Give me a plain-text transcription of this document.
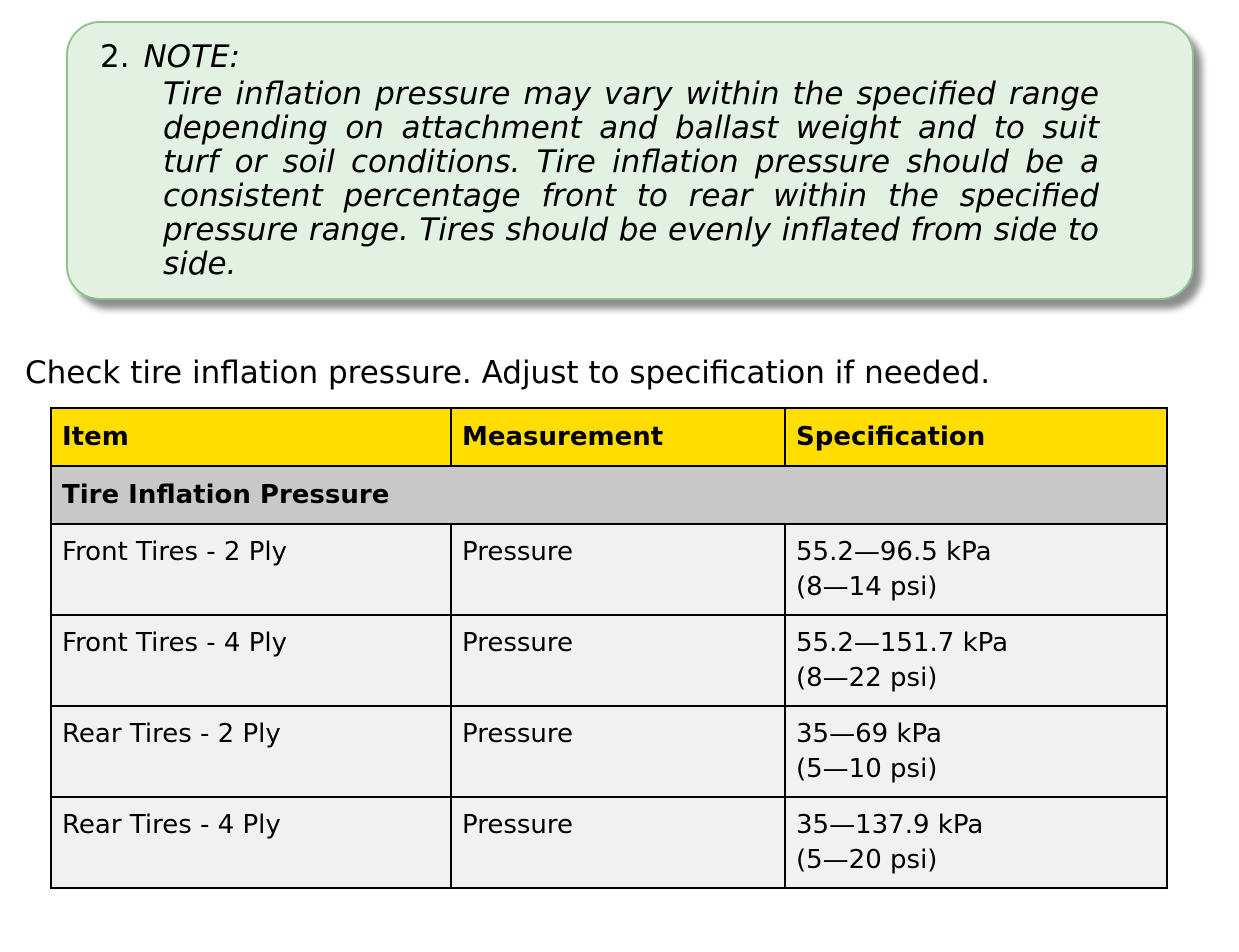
2. NOTE:
Tire inflation pressure may vary within the specified range depending on attachment and ballast weight and to suit turf or soil conditions. Tire inflation pressure should be a consistent percentage front to rear within the specified pressure range. Tires should be evenly inflated from side to side.
Check tire inflation pressure. Adjust to specification if needed.
Item	Measurement	Specification
Tire Inflation Pressure		
Front Tires - 2 Ply	Pressure	55.2—96.5 kPa
(8—14 psi)

Front Tires - 4 Ply	Pressure	55.2—151.7 kPa
(8—22 psi)

Rear Tires - 2 Ply	Pressure	35—69 kPa
(5—10 psi)

Rear Tires - 4 Ply	Pressure	35—137.9 kPa
(5—20 psi)
